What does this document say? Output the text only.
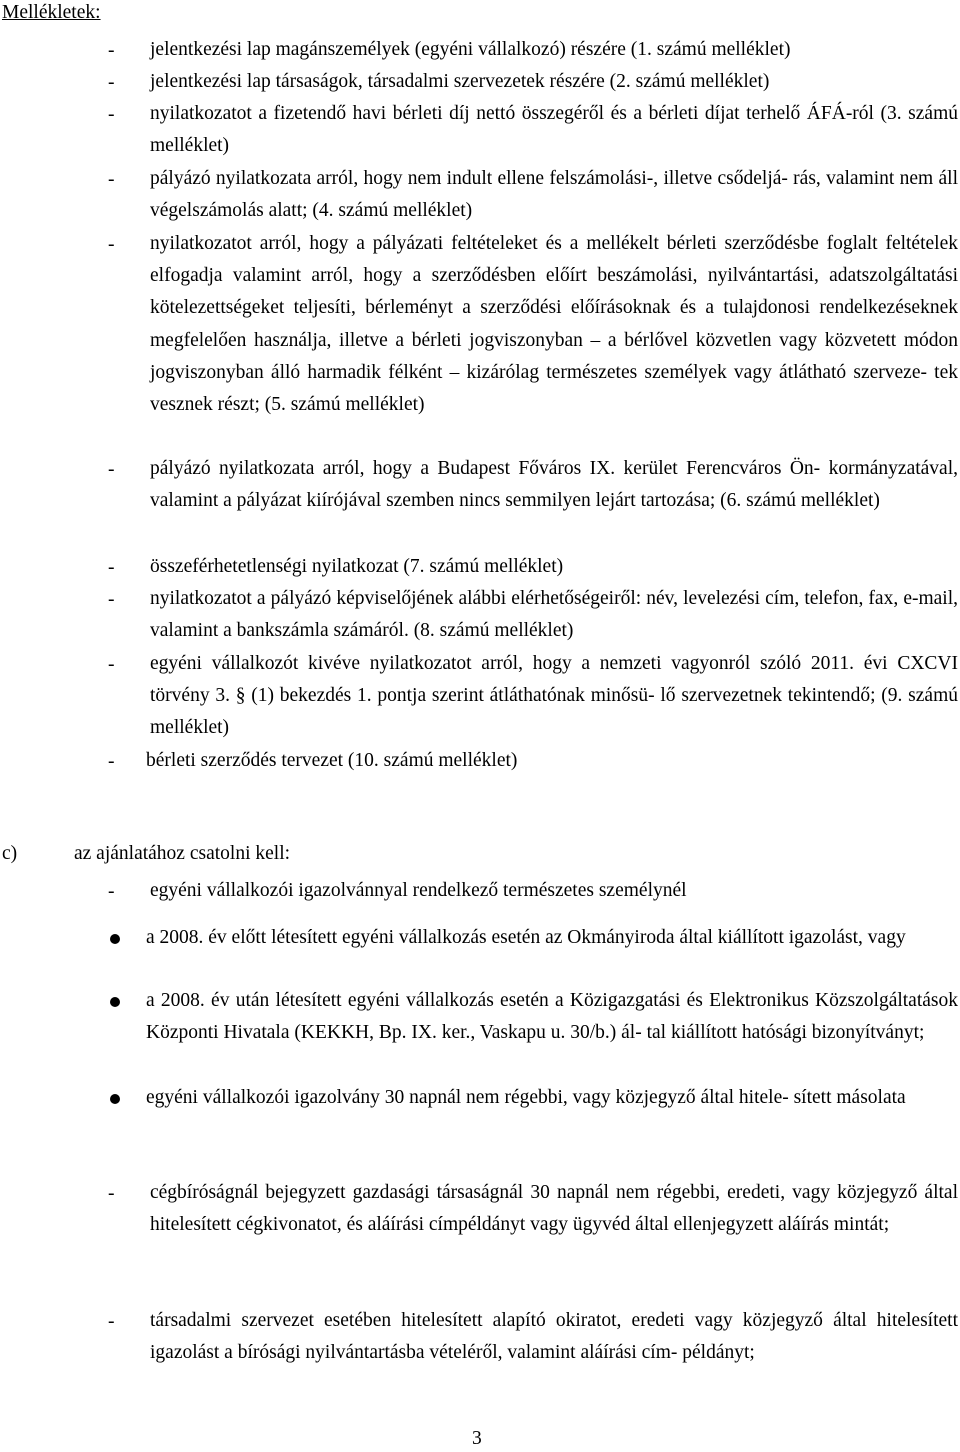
Mellékletek:
-	jelentkezési lap magánszemélyek (egyéni vállalkozó) részére (1. számú melléklet)
-	jelentkezési lap társaságok, társadalmi szervezetek részére (2. számú melléklet)
-	nyilatkozatot a fizetendő havi bérleti díj nettó összegéről és a bérleti díjat terhelő ÁFÁ-ról (3. számú melléklet)
-	pályázó nyilatkozata arról, hogy nem indult ellene felszámolási-, illetve csődeljá- rás, valamint nem áll végelszámolás alatt; (4. számú melléklet)
-	nyilatkozatot arról, hogy a pályázati feltételeket és a mellékelt bérleti szerződésbe foglalt feltételek elfogadja valamint arról, hogy a szerződésben előírt beszámolási, nyilvántartási, adatszolgáltatási kötelezettségeket teljesíti, bérleményt a szerződési előírásoknak és a tulajdonosi rendelkezéseknek megfelelően használja, illetve a bérleti jogviszonyban – a bérlővel közvetlen vagy közvetett módon jogviszonyban álló harmadik félként – kizárólag természetes személyek vagy átlátható szerveze- tek vesznek részt; (5. számú melléklet)
-	pályázó nyilatkozata arról, hogy a Budapest Főváros IX. kerület Ferencváros Ön- kormányzatával, valamint a pályázat kiírójával szemben nincs semmilyen lejárt tartozása; (6. számú melléklet)
-	összeférhetetlenségi nyilatkozat (7. számú melléklet)
-	nyilatkozatot a pályázó képviselőjének alábbi elérhetőségeiről: név, levelezési cím, telefon, fax, e-mail, valamint a bankszámla számáról. (8. számú melléklet)
-	egyéni vállalkozót kivéve nyilatkozatot arról, hogy a nemzeti vagyonról szóló 2011. évi CXCVI törvény 3. § (1) bekezdés 1. pontja szerint átláthatónak minősü- lő szervezetnek tekintendő; (9. számú melléklet)
-	bérleti szerződés tervezet (10. számú melléklet)
c)	az ajánlatához csatolni kell:
-	egyéni vállalkozói igazolvánnyal rendelkező természetes személynél
a 2008. év előtt létesített egyéni vállalkozás esetén az Okmányiroda által kiállított igazolást, vagy
a 2008. év után létesített egyéni vállalkozás esetén a Közigazgatási és Elektronikus Közszolgáltatások Központi Hivatala (KEKKH, Bp. IX. ker., Vaskapu u. 30/b.) ál- tal kiállított hatósági bizonyítványt;
egyéni vállalkozói igazolvány 30 napnál nem régebbi, vagy közjegyző által hitele- sített másolata
-	cégbíróságnál bejegyzett gazdasági társaságnál 30 napnál nem régebbi, eredeti, vagy közjegyző által hitelesített cégkivonatot, és aláírási címpéldányt vagy ügyvéd által ellenjegyzett aláírás mintát;
-	társadalmi szervezet esetében hitelesített alapító okiratot, eredeti vagy közjegyző által hitelesített igazolást a bírósági nyilvántartásba vételéről, valamint aláírási cím- példányt;
3
